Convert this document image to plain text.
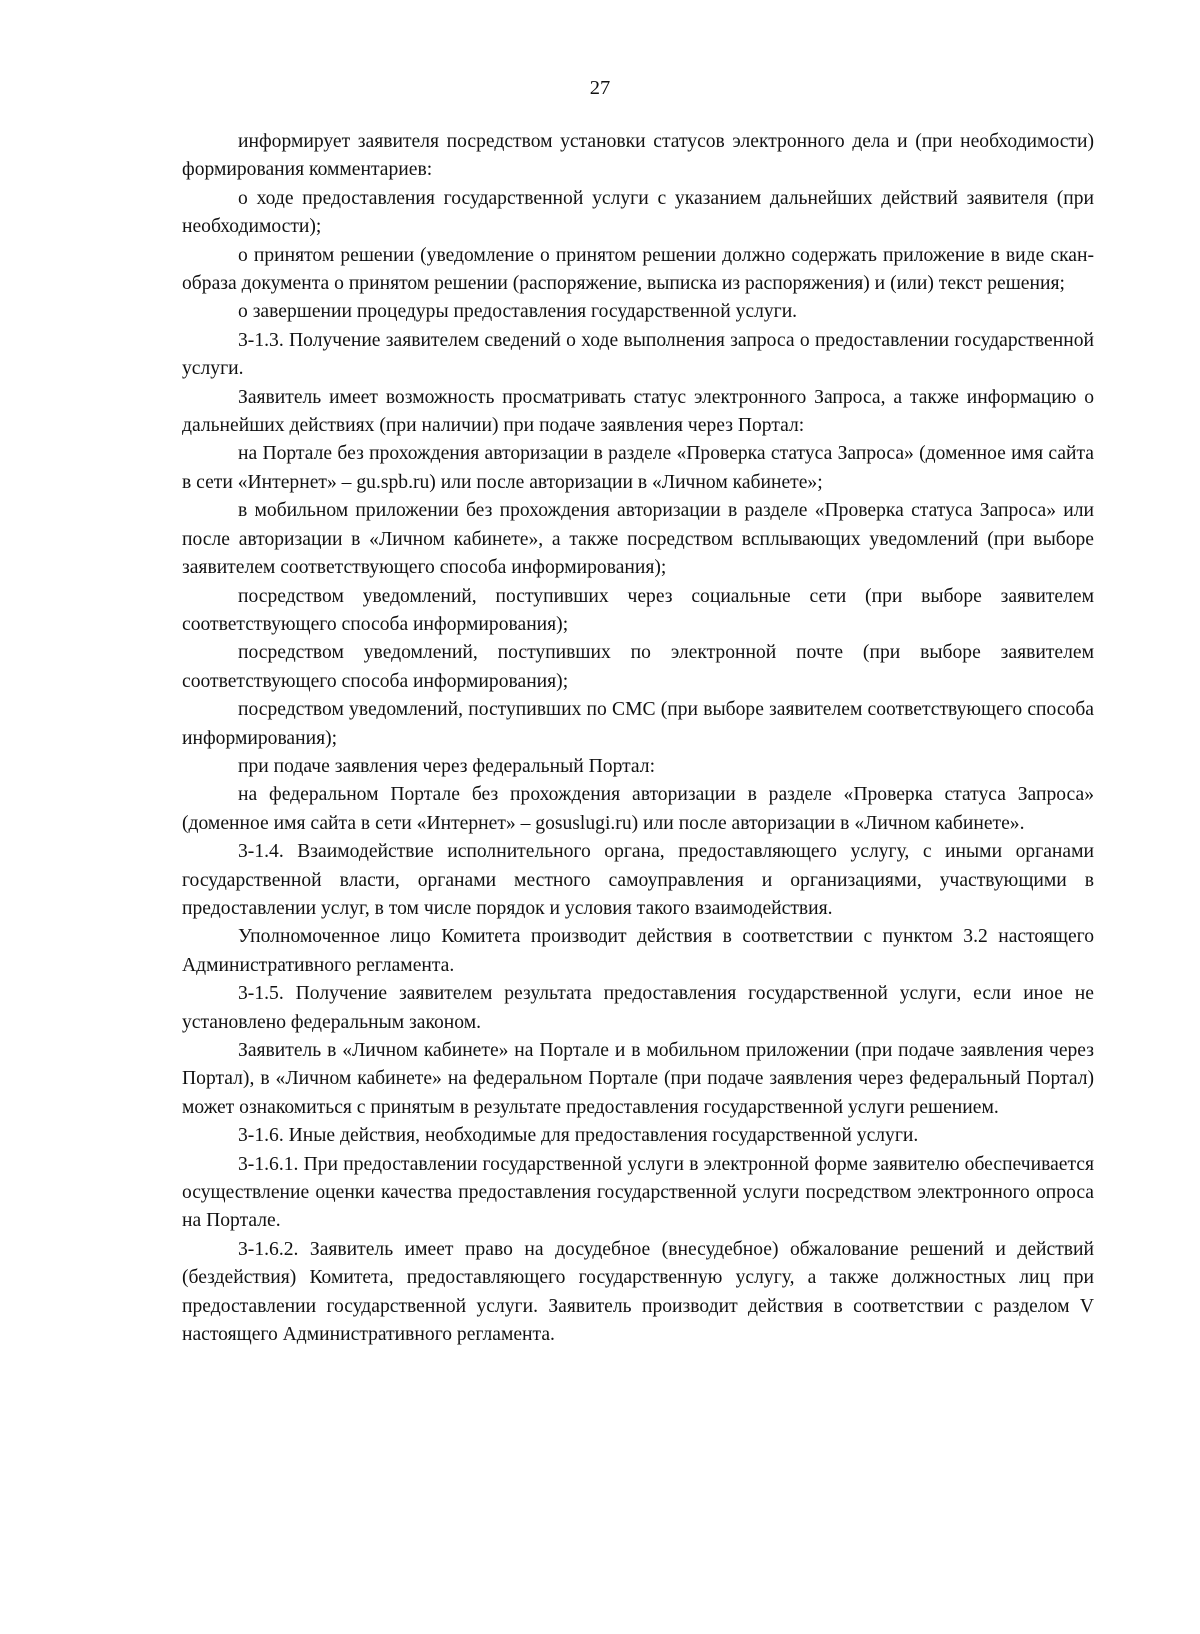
27

информирует заявителя посредством установки статусов электронного дела и (при необходимости) формирования комментариев:

о ходе предоставления государственной услуги с указанием дальнейших действий заявителя (при необходимости);

о принятом решении (уведомление о принятом решении должно содержать приложение в виде скан-образа документа о принятом решении (распоряжение, выписка из распоряжения) и (или) текст решения;

о завершении процедуры предоставления государственной услуги.

3-1.3. Получение заявителем сведений о ходе выполнения запроса о предоставлении государственной услуги.

Заявитель имеет возможность просматривать статус электронного Запроса, а также информацию о дальнейших действиях (при наличии) при подаче заявления через Портал:

на Портале без прохождения авторизации в разделе «Проверка статуса Запроса» (доменное имя сайта в сети «Интернет» – gu.spb.ru) или после авторизации в «Личном кабинете»;

в мобильном приложении без прохождения авторизации в разделе «Проверка статуса Запроса» или после авторизации в «Личном кабинете», а также посредством всплывающих уведомлений (при выборе заявителем соответствующего способа информирования);

посредством уведомлений, поступивших через социальные сети (при выборе заявителем соответствующего способа информирования);

посредством уведомлений, поступивших по электронной почте (при выборе заявителем соответствующего способа информирования);

посредством уведомлений, поступивших по СМС (при выборе заявителем соответствующего способа информирования);

при подаче заявления через федеральный Портал:

на федеральном Портале без прохождения авторизации в разделе «Проверка статуса Запроса» (доменное имя сайта в сети «Интернет» – gosuslugi.ru) или после авторизации в «Личном кабинете».

3-1.4. Взаимодействие исполнительного органа, предоставляющего услугу, с иными органами государственной власти, органами местного самоуправления и организациями, участвующими в предоставлении услуг, в том числе порядок и условия такого взаимодействия.

Уполномоченное лицо Комитета производит действия в соответствии с пунктом 3.2 настоящего Административного регламента.

3-1.5. Получение заявителем результата предоставления государственной услуги, если иное не установлено федеральным законом.

Заявитель в «Личном кабинете» на Портале и в мобильном приложении (при подаче заявления через Портал), в «Личном кабинете» на федеральном Портале (при подаче заявления через федеральный Портал) может ознакомиться с принятым в результате предоставления государственной услуги решением.

3-1.6. Иные действия, необходимые для предоставления государственной услуги.

3-1.6.1. При предоставлении государственной услуги в электронной форме заявителю обеспечивается осуществление оценки качества предоставления государственной услуги посредством электронного опроса на Портале.

3-1.6.2. Заявитель имеет право на досудебное (внесудебное) обжалование решений и действий (бездействия) Комитета, предоставляющего государственную услугу, а также должностных лиц при предоставлении государственной услуги. Заявитель производит действия в соответствии с разделом V настоящего Административного регламента.
